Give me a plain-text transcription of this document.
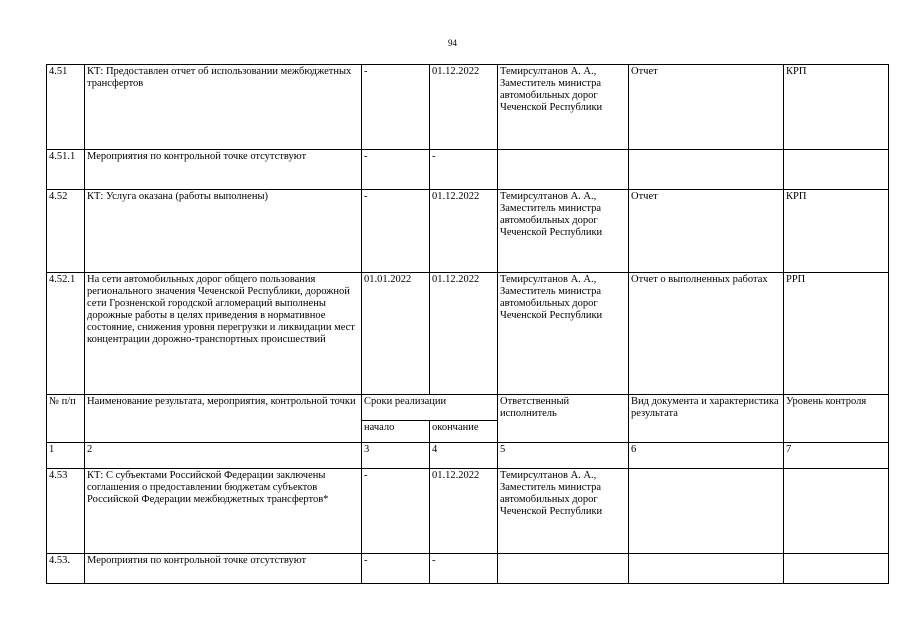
94
4.51	КТ: Предоставлен отчет об использовании межбюджетных трансфертов	-	01.12.2022	Темирсултанов А. А., Заместитель министра автомобильных дорог Чеченской Республики	Отчет	КРП
4.51.1	Мероприятия по контрольной точке отсутствуют	-	-			
4.52	КТ: Услуга оказана (работы выполнены)	-	01.12.2022	Темирсултанов А. А., Заместитель министра автомобильных дорог Чеченской Республики	Отчет	КРП
4.52.1	На сети автомобильных дорог общего пользования регионального значения Чеченской Республики, дорожной сети Грозненской городской агломераций выполнены дорожные работы в целях приведения в нормативное состояние, снижения уровня перегрузки и ликвидации мест концентрации дорожно-транспортных происшествий	01.01.2022	01.12.2022	Темирсултанов А. А., Заместитель министра автомобильных дорог Чеченской Республики	Отчет о выполненных работах	РРП
№ п/п	Наименование результата, мероприятия, контрольной точки	Сроки реализации		Ответственный исполнитель	Вид документа и характеристика результата	Уровень контроля
		начало	окончание			
1	2	3	4	5	6	7
4.53	КТ: С субъектами Российской Федерации заключены соглашения о предоставлении бюджетам субъектов Российской Федерации межбюджетных трансфертов*	-	01.12.2022	Темирсултанов А. А., Заместитель министра автомобильных дорог Чеченской Республики		
4.53.	Мероприятия по контрольной точке отсутствуют	-	-			
